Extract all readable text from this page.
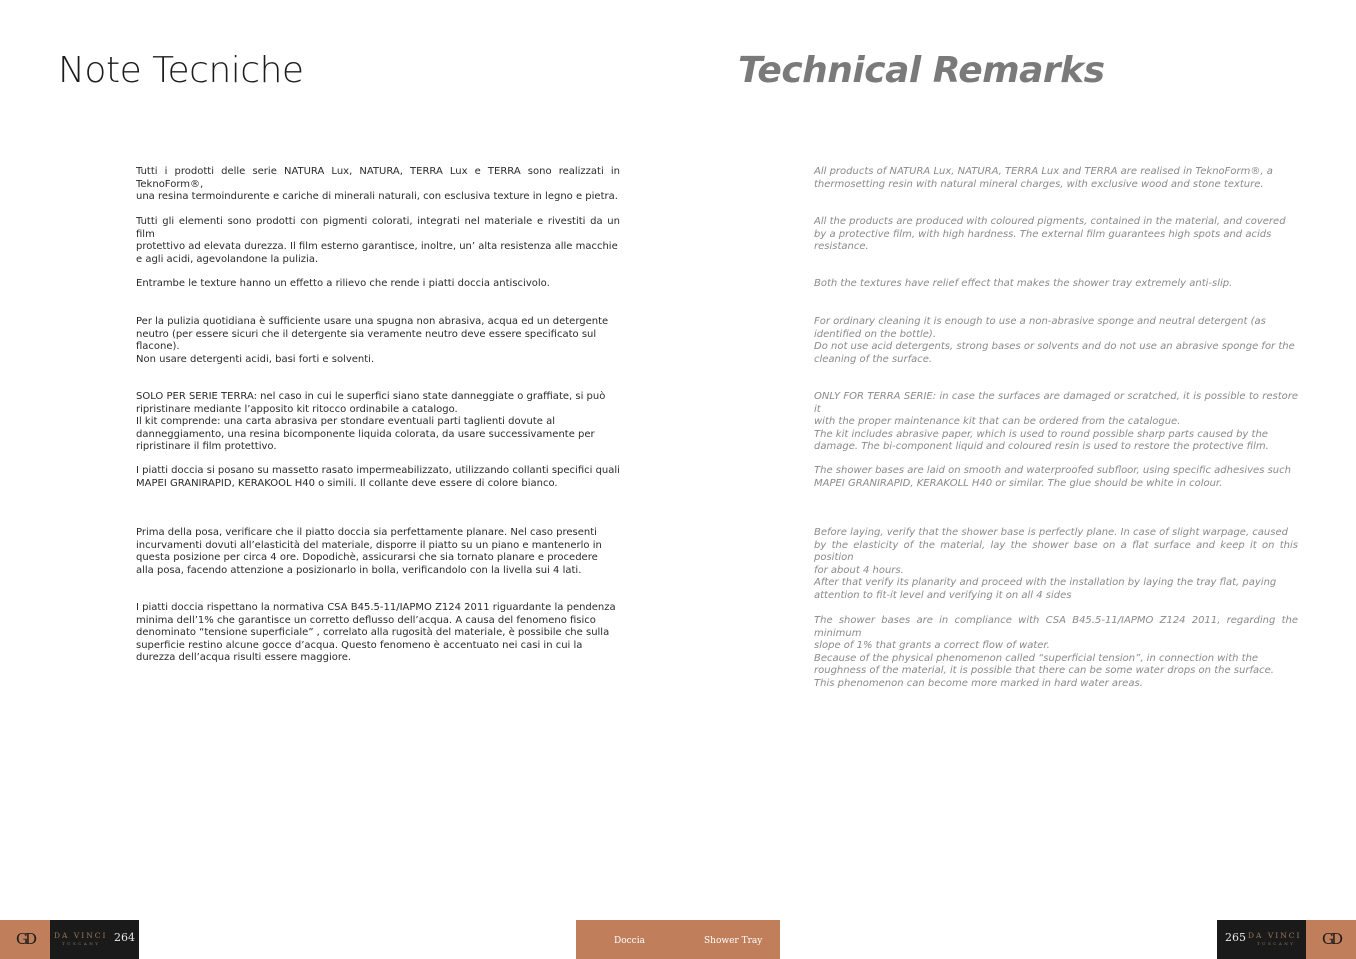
Note Tecniche	Technical Remarks
Tutti i prodotti delle serie NATURA Lux, NATURA, TERRA Lux e TERRA sono realizzati in TeknoForm®,
una resina termoindurente e cariche di minerali naturali, con esclusiva texture in legno e pietra.
Tutti gli elementi sono prodotti con pigmenti colorati, integrati nel materiale e rivestiti da un film
protettivo ad elevata durezza. Il film esterno garantisce, inoltre, un’ alta resistenza alle macchie
e agli acidi, agevolandone la pulizia.
Entrambe le texture hanno un effetto a rilievo che rende i piatti doccia antiscivolo.
Per la pulizia quotidiana è sufficiente usare una spugna non abrasiva, acqua ed un detergente
neutro (per essere sicuri che il detergente sia veramente neutro deve essere specificato sul
flacone).
Non usare detergenti acidi, basi forti e solventi.
SOLO PER SERIE TERRA: nel caso in cui le superfici siano state danneggiate o graffiate, si può
ripristinare mediante l’apposito kit ritocco ordinabile a catalogo.
Il kit comprende: una carta abrasiva per stondare eventuali parti taglienti dovute al
danneggiamento, una resina bicomponente liquida colorata, da usare successivamente per
ripristinare il film protettivo.
I piatti doccia si posano su massetto rasato impermeabilizzato, utilizzando collanti specifici quali
MAPEI GRANIRAPID, KERAKOOL H40 o simili. Il collante deve essere di colore bianco.
Prima della posa, verificare che il piatto doccia sia perfettamente planare. Nel caso presenti
incurvamenti dovuti all’elasticità del materiale, disporre il piatto su un piano e mantenerlo in
questa posizione per circa 4 ore. Dopodichè, assicurarsi che sia tornato planare e procedere
alla posa, facendo attenzione a posizionarlo in bolla, verificandolo con la livella sui 4 lati.
I piatti doccia rispettano la normativa CSA B45.5-11/IAPMO Z124 2011 riguardante la pendenza
minima dell’1% che garantisce un corretto deflusso dell’acqua. A causa del fenomeno fisico
denominato “tensione superficiale” , correlato alla rugosità del materiale, è possibile che sulla
superficie restino alcune gocce d’acqua. Questo fenomeno è accentuato nei casi in cui la
durezza dell’acqua risulti essere maggiore.
All products of NATURA Lux, NATURA, TERRA Lux and TERRA are realised in TeknoForm®, a
thermosetting resin with natural mineral charges, with exclusive wood and stone texture.
All the products are produced with coloured pigments, contained in the material, and covered
by a protective film, with high hardness. The external film guarantees high spots and acids
resistance.
Both the textures have relief effect that makes the shower tray extremely anti-slip.
For ordinary cleaning it is enough to use a non-abrasive sponge and neutral detergent (as
identified on the bottle).
Do not use acid detergents, strong bases or solvents and do not use an abrasive sponge for the
cleaning of the surface.
ONLY FOR TERRA SERIE: in case the surfaces are damaged or scratched, it is possible to restore it
with the proper maintenance kit that can be ordered from the catalogue.
The kit includes abrasive paper, which is used to round possible sharp parts caused by the
damage. The bi-component liquid and coloured resin is used to restore the protective film.
The shower bases are laid on smooth and waterproofed subfloor, using specific adhesives such
MAPEI GRANIRAPID, KERAKOLL H40 or similar. The glue should be white in colour.
Before laying, verify that the shower base is perfectly plane. In case of slight warpage, caused
by the elasticity of the material, lay the shower base on a flat surface and keep it on this position
for about 4 hours.
After that verify its planarity and proceed with the installation by laying the tray flat, paying
attention to fit-it level and verifying it on all 4 sides
The shower bases are in compliance with CSA B45.5-11/IAPMO Z124 2011, regarding the minimum
slope of 1% that grants a correct flow of water.
Because of the physical phenomenon called “superficial tension”, in connection with the
roughness of the material, it is possible that there can be some water drops on the surface.
This phenomenon can become more marked in hard water areas.
GD	DA VINCI
TUSCANY 264	Doccia	Shower Tray	265 DA VINCI
TUSCANY	GD
